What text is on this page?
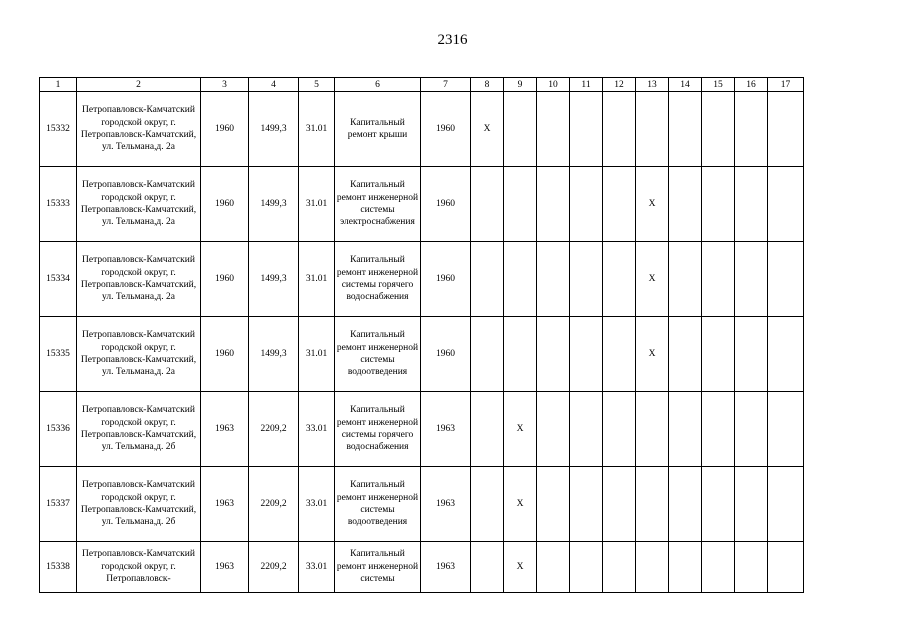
2316
1	2	3	4	5	6	7	8	9	10	11	12	13	14	15	16	17

15332	Петропавловск-Камчатский городской округ, г. Петропавловск-Камчатский, ул. Тельмана,д. 2а	1960	1499,3	31.01	Капитальный ремонт крыши	1960	X									

15333	Петропавловск-Камчатский городской округ, г. Петропавловск-Камчатский, ул. Тельмана,д. 2а	1960	1499,3	31.01	Капитальный ремонт инженерной системы электроснабжения	1960						X				

15334	Петропавловск-Камчатский городской округ, г. Петропавловск-Камчатский, ул. Тельмана,д. 2а	1960	1499,3	31.01	Капитальный ремонт инженерной системы горячего водоснабжения	1960						X				

15335	Петропавловск-Камчатский городской округ, г. Петропавловск-Камчатский, ул. Тельмана,д. 2а	1960	1499,3	31.01	Капитальный ремонт инженерной системы водоотведения	1960						X				

15336	Петропавловск-Камчатский городской округ, г. Петропавловск-Камчатский, ул. Тельмана,д. 2б	1963	2209,2	33.01	Капитальный ремонт инженерной системы горячего водоснабжения	1963		X								

15337	Петропавловск-Камчатский городской округ, г. Петропавловск-Камчатский, ул. Тельмана,д. 2б	1963	2209,2	33.01	Капитальный ремонт инженерной системы водоотведения	1963		X								

15338	Петропавловск-Камчатский городской округ, г. Петропавловск-	1963	2209,2	33.01	Капитальный ремонт инженерной системы	1963		X								
